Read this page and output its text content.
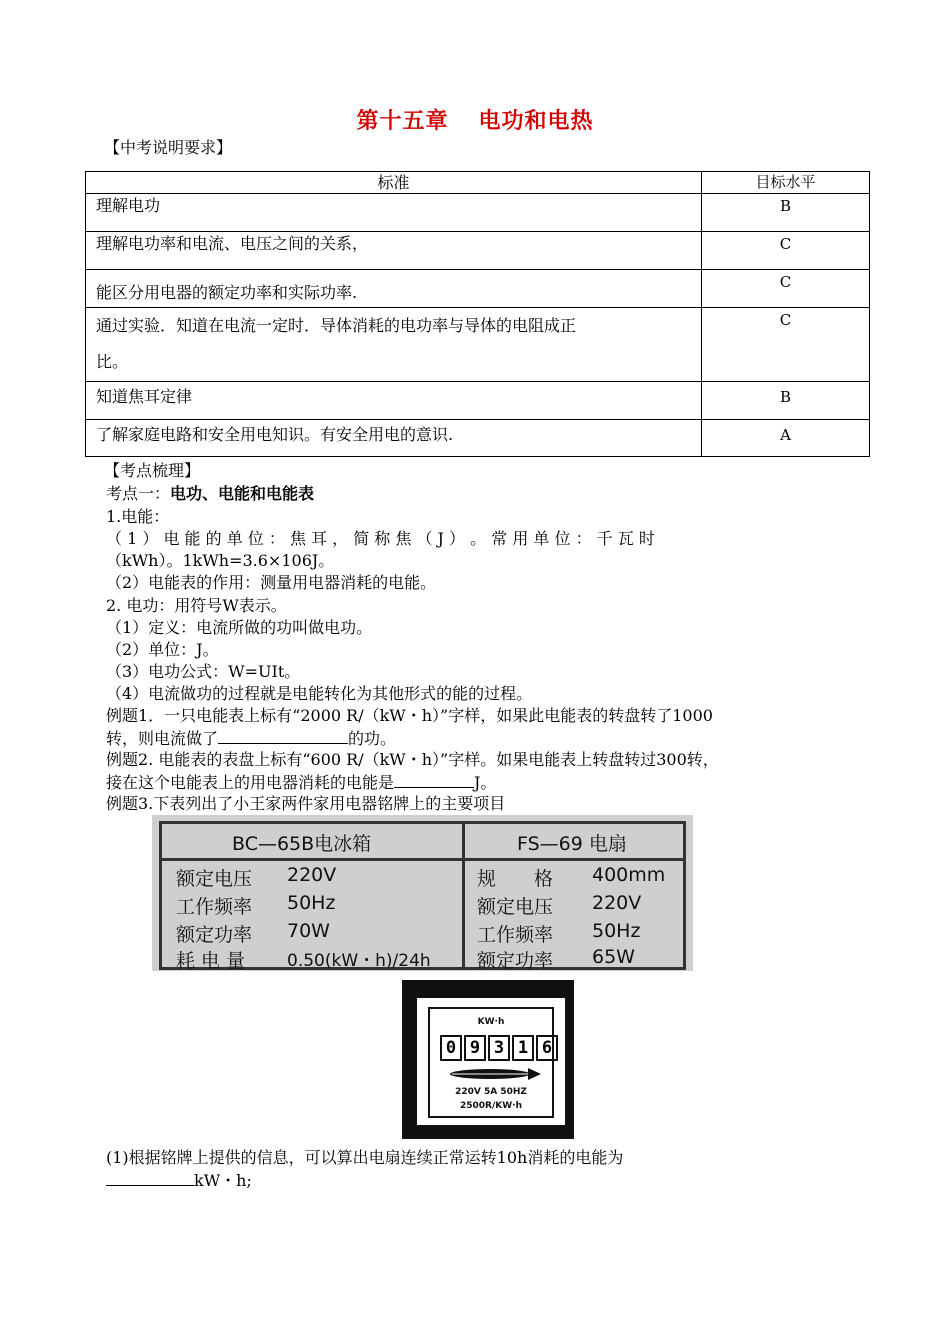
第十五章 电功和电热
【中考说明要求】
标准	目标水平
理解电功	B
理解电功率和电流、电压之间的关系，	C
能区分用电器的额定功率和实际功率.	C
通过实验．知道在电流一定时．导体消耗的电功率与导体的电阻成正
比。	C
知道焦耳定律	B
了解家庭电路和安全用电知识。有安全用电的意识.	A
【考点梳理】
考点一：电功、电能和电能表
1.电能：
（ 1 ） 电 能 的 单 位 ： 焦 耳 ， 简 称 焦 （ J ） 。 常 用 单 位 ： 千 瓦 时
（kWh）。1kWh=3.6×106J。
（2）电能表的作用：测量用电器消耗的电能。
2. 电功：用符号W表示。
（1）定义：电流所做的功叫做电功。
（2）单位：J。
（3）电功公式：W=UIt。
（4）电流做功的过程就是电能转化为其他形式的能的过程。
例题1．一只电能表上标有“2000 R/（kW・h）”字样，如果此电能表的转盘转了1000
转，则电流做了	的功。
例题2. 电能表的表盘上标有“600 R/（kW・h）”字样。如果电能表上转盘转过300转，
接在这个电能表上的用电器消耗的电能是	J。
例题3.下表列出了小王家两件家用电器铭牌上的主要项目
BC—65B电冰箱	FS—69 电扇
额定电压 220V
工作频率 50Hz
额定功率 70W
耗 电 量 0.50(kW・h)/24h
规　　格 400mm
额定电压 220V
工作频率 50Hz
额定功率 65W
KW·h
0 9 3 1 6
220V 5A 50HZ
2500R/KW·h
(1)根据铭牌上提供的信息，可以算出电扇连续正常运转10h消耗的电能为
kW・h;
